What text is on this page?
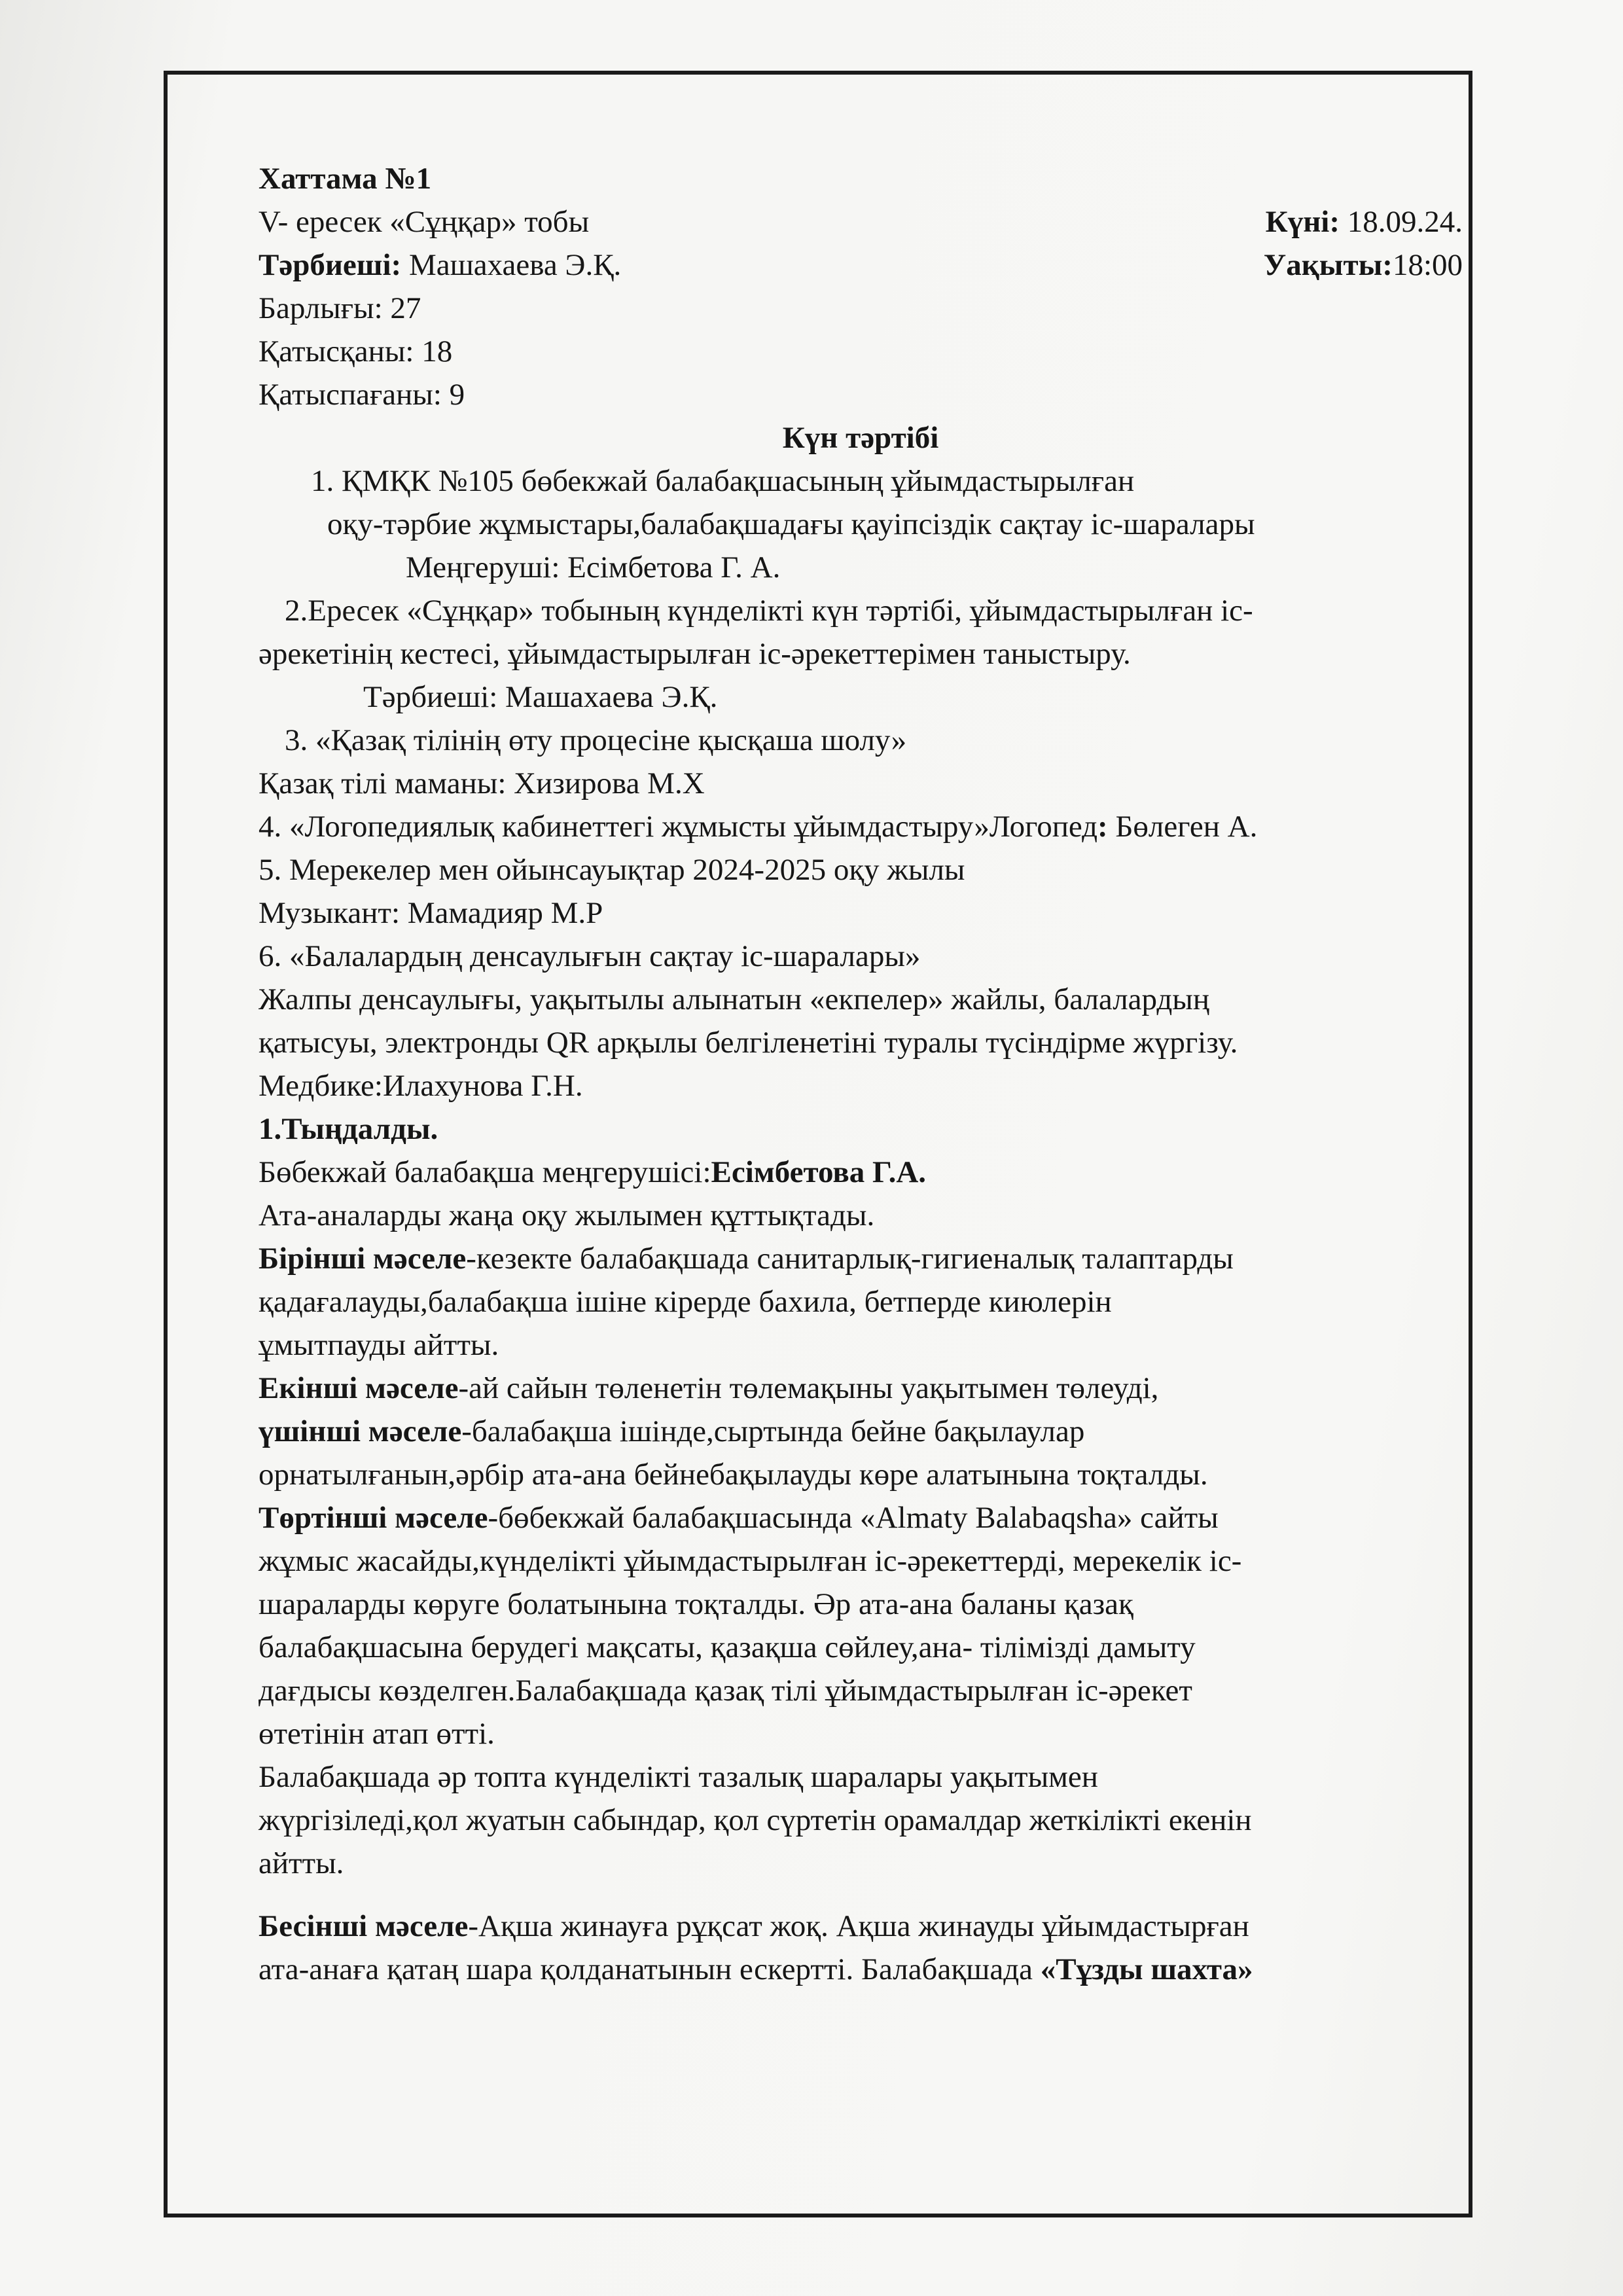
Хаттама №1

V- ересек «Сұңқар» тобы	Күні: 18.09.24.
Тәрбиеші: Машахаева Э.Қ.	Уақыты:18:00

Барлығы: 27

Қатысқаны: 18

Қатыспағаны: 9

Күн тәртібі

1. ҚМҚК №105 бөбекжай балабақшасының ұйымдастырылған

оқу-тәрбие жұмыстары,балабақшадағы қауіпсіздік сақтау іс-шаралары

Меңгеруші: Есімбетова Г. А.

2.Ересек «Сұңқар» тобының күнделікті күн тәртібі, ұйымдастырылған іс-

әрекетінің кестесі, ұйымдастырылған іс-әрекеттерімен таныстыру.

Тәрбиеші: Машахаева Э.Қ.

3. «Қазақ тілінің өту процесіне қысқаша шолу»

Қазақ тілі маманы: Хизирова М.Х

4. «Логопедиялық кабинеттегі жұмысты ұйымдастыру»Логопед: Бөлеген А.

5. Мерекелер мен ойынсауықтар 2024-2025 оқу жылы

Музыкант: Мамадияр М.Р

6. «Балалардың денсаулығын сақтау іс-шаралары»

Жалпы денсаулығы, уақытылы алынатын «екпелер» жайлы, балалардың

қатысуы, электронды QR арқылы белгіленетіні туралы түсіндірме жүргізу.

Медбике:Илахунова Г.Н.

1.Тыңдалды.

Бөбекжай балабақша меңгерушісі:Есімбетова Г.А.

Ата-аналарды жаңа оқу жылымен құттықтады.

Бірінші мәселе-кезекте балабақшада санитарлық-гигиеналық талаптарды

қадағалауды,балабақша ішіне кірерде бахила, бетперде киюлерін

ұмытпауды айтты.

Екінші мәселе-ай сайын төленетін төлемақыны уақытымен төлеуді,

үшінші мәселе-балабақша ішінде,сыртында бейне бақылаулар

орнатылғанын,әрбір ата-ана бейнебақылауды көре алатынына тоқталды.

Төртінші мәселе-бөбекжай балабақшасында «Almaty Balabaqsha» сайты

жұмыс жасайды,күнделікті ұйымдастырылған іс-әрекеттерді, мерекелік іс-

шараларды көруге болатынына тоқталды. Әр ата-ана баланы қазақ

балабақшасына берудегі мақсаты, қазақша сөйлеу,ана- тілімізді дамыту

дағдысы көзделген.Балабақшада қазақ тілі ұйымдастырылған іс-әрекет

өтетінін атап өтті.

Балабақшада әр топта күнделікті тазалық шаралары уақытымен

жүргізіледі,қол жуатын сабындар, қол сүртетін орамалдар жеткілікті екенін

айтты.

Бесінші мәселе-Ақша жинауға рұқсат жоқ. Ақша жинауды ұйымдастырған

ата-анаға қатаң шара қолданатынын ескертті. Балабақшада «Тұзды шахта»
